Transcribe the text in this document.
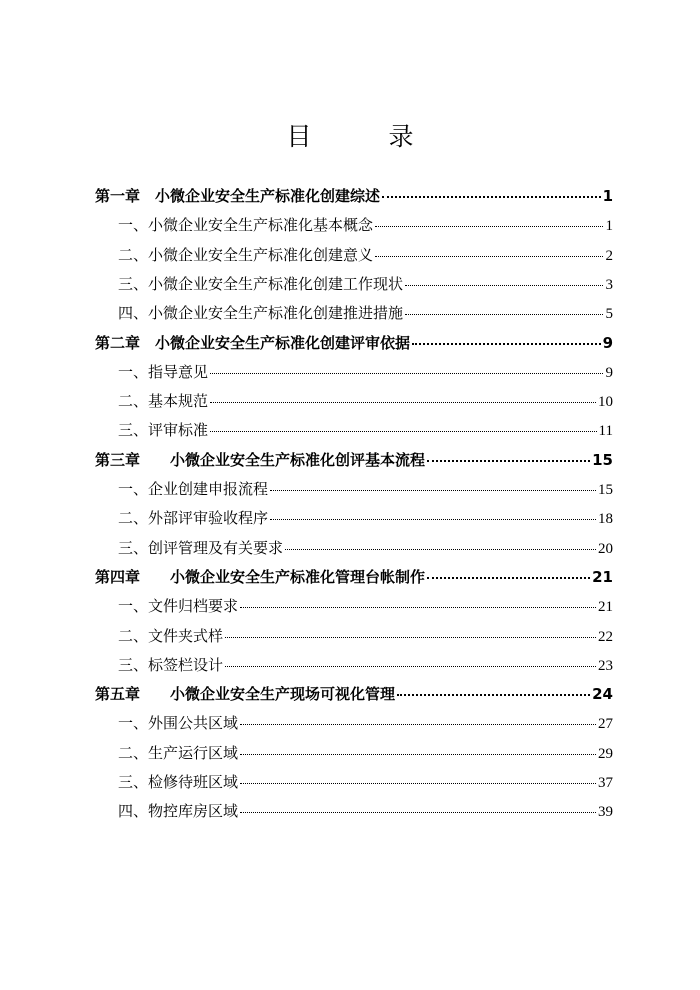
目　录
第一章　小微企业安全生产标准化创建综述	1
一、小微企业安全生产标准化基本概念	1
二、小微企业安全生产标准化创建意义	2
三、小微企业安全生产标准化创建工作现状	3
四、小微企业安全生产标准化创建推进措施	5
第二章　小微企业安全生产标准化创建评审依据	9
一、指导意见	9
二、基本规范	10
三、评审标准	11
第三章　　小微企业安全生产标准化创评基本流程	15
一、企业创建申报流程	15
二、外部评审验收程序	18
三、创评管理及有关要求	20
第四章　　小微企业安全生产标准化管理台帐制作	21
一、文件归档要求	21
二、文件夹式样	22
三、标签栏设计	23
第五章　　小微企业安全生产现场可视化管理	24
一、外围公共区域	27
二、生产运行区域	29
三、检修待班区域	37
四、物控库房区域	39
